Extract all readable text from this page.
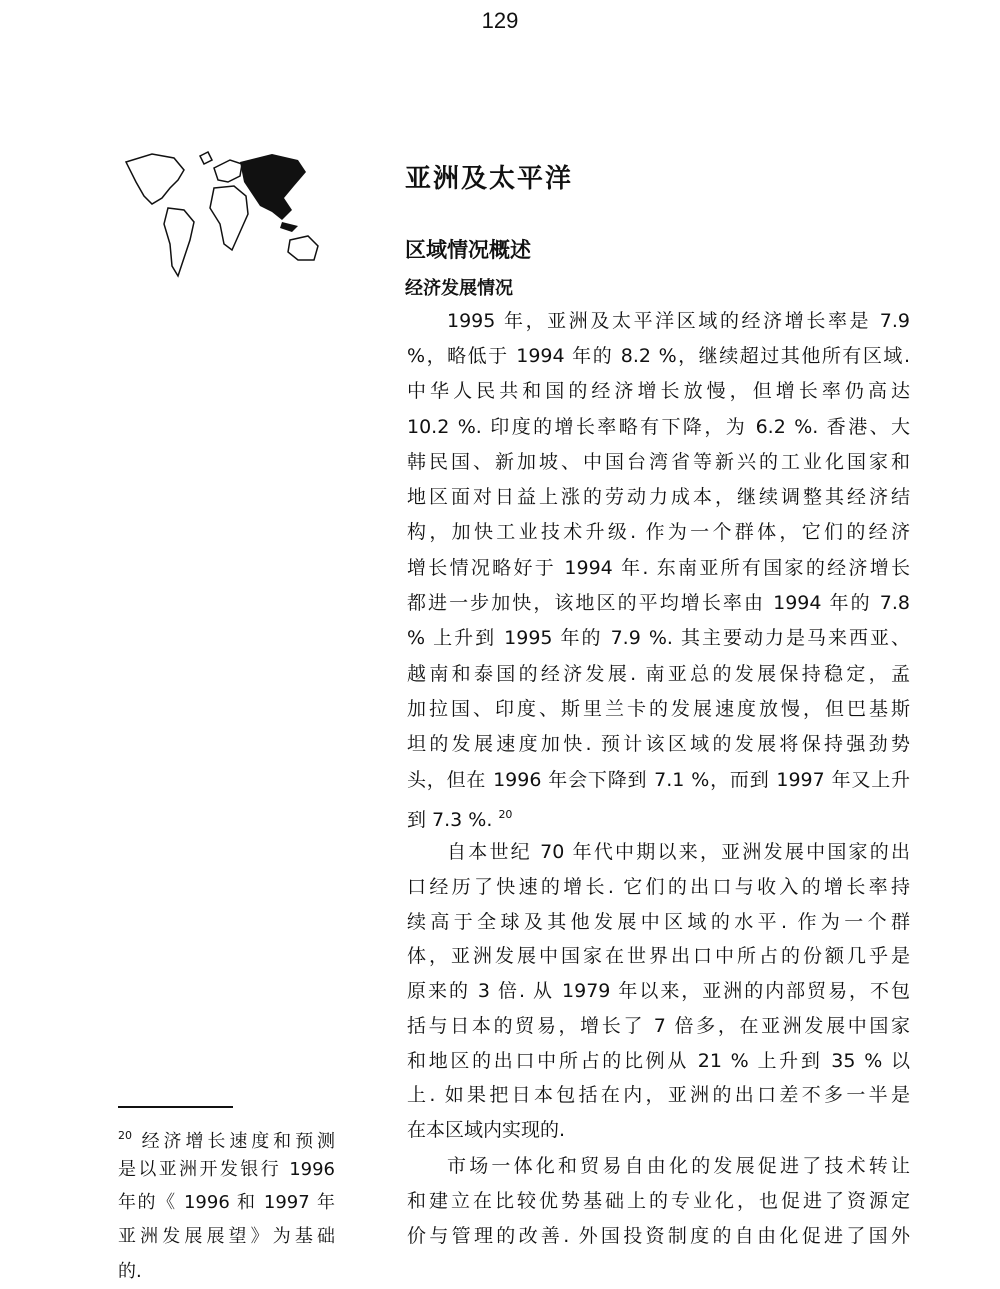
129
亚洲及太平洋
区域情况概述
经济发展情况
1995 年，亚洲及太平洋区域的经济增长率是 7.9
%，略低于 1994 年的 8.2 %，继续超过其他所有区域.
中华人民共和国的经济增长放慢，但增长率仍高达
10.2 %. 印度的增长率略有下降，为 6.2 %. 香港、大
韩民国、新加坡、中国台湾省等新兴的工业化国家和
地区面对日益上涨的劳动力成本，继续调整其经济结
构，加快工业技术升级. 作为一个群体，它们的经济
增长情况略好于 1994 年. 东南亚所有国家的经济增长
都进一步加快，该地区的平均增长率由 1994 年的 7.8
% 上升到 1995 年的 7.9 %. 其主要动力是马来西亚、
越南和泰国的经济发展. 南亚总的发展保持稳定，孟
加拉国、印度、斯里兰卡的发展速度放慢，但巴基斯
坦的发展速度加快. 预计该区域的发展将保持强劲势
头，但在 1996 年会下降到 7.1 %，而到 1997 年又上升
到 7.3 %. $^{20}$
自本世纪 70 年代中期以来，亚洲发展中国家的出
口经历了快速的增长. 它们的出口与收入的增长率持
续高于全球及其他发展中区域的水平. 作为一个群
体，亚洲发展中国家在世界出口中所占的份额几乎是
原来的 3 倍. 从 1979 年以来，亚洲的内部贸易，不包
括与日本的贸易，增长了 7 倍多，在亚洲发展中国家
和地区的出口中所占的比例从 21 % 上升到 35 % 以
上. 如果把日本包括在内，亚洲的出口差不多一半是
在本区域内实现的.
市场一体化和贸易自由化的发展促进了技术转让
和建立在比较优势基础上的专业化，也促进了资源定
价与管理的改善. 外国投资制度的自由化促进了国外
$^{20}$ 经济增长速度和预测
是以亚洲开发银行 1996
年的《 1996 和 1997 年
亚洲发展展望》为基础
的.
